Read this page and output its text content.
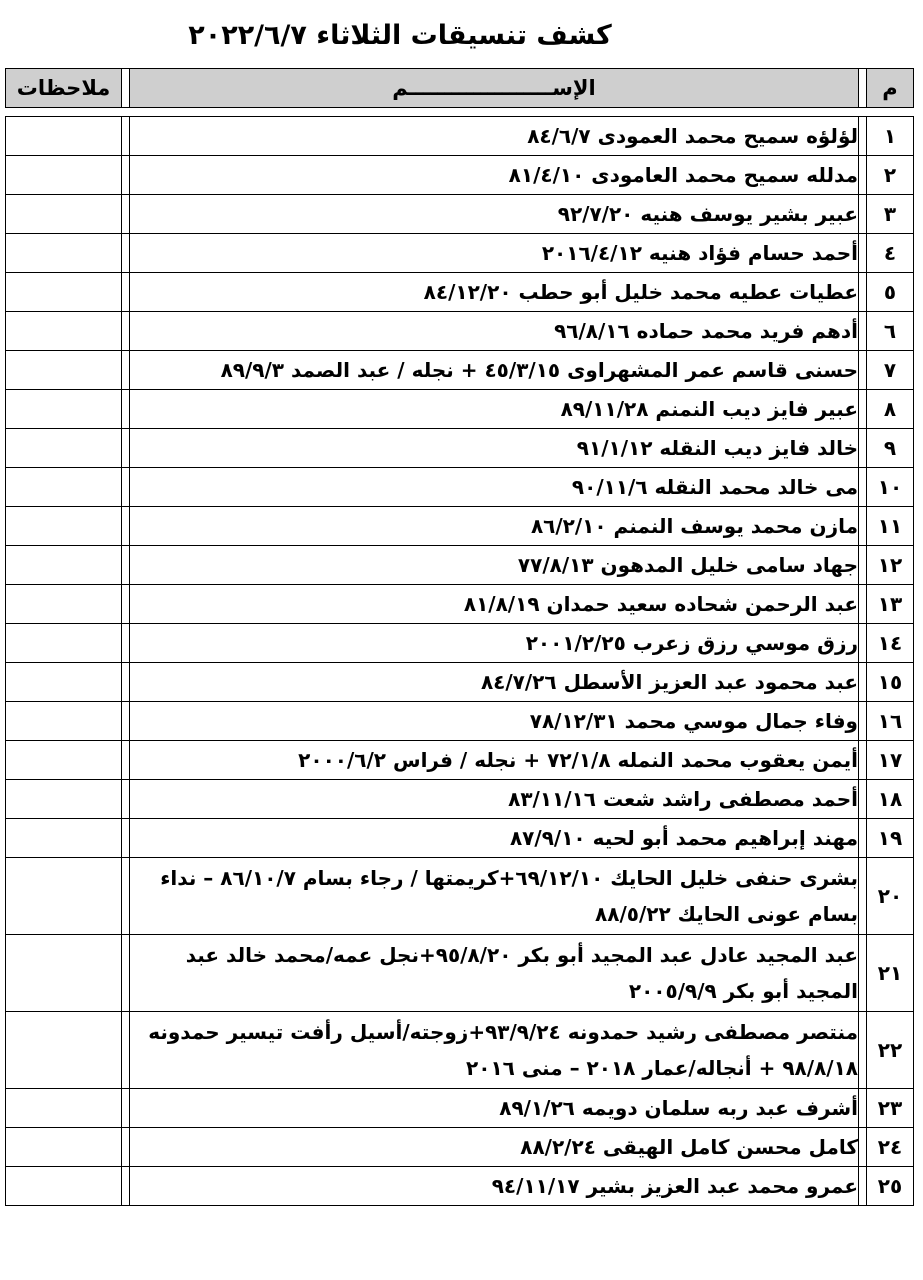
كشف تنسيقات الثلاثاء ٢٠٢٢/٦/٧
م		الإســــــــــــــــــــم		ملاحظات

١		لؤلؤه سميح محمد العمودى ٨٤/٦/٧		
٢		مدلله سميح محمد العامودى ٨١/٤/١٠		
٣		عبير بشير يوسف هنيه ٩٢/٧/٢٠		
٤		أحمد حسام فؤاد هنيه ٢٠١٦/٤/١٢		
٥		عطيات عطيه محمد خليل أبو حطب ٨٤/١٢/٢٠		
٦		أدهم فريد محمد حماده ٩٦/٨/١٦		
٧		حسنى قاسم عمر المشهراوى ٤٥/٣/١٥ + نجله / عبد الصمد ٨٩/٩/٣		
٨		عبير فايز ديب النمنم ٨٩/١١/٢٨		
٩		خالد فايز ديب النقله ٩١/١/١٢		
١٠		مى خالد محمد النقله ٩٠/١١/٦		
١١		مازن محمد يوسف النمنم ٨٦/٢/١٠		
١٢		جهاد سامى خليل المدهون ٧٧/٨/١٣		
١٣		عبد الرحمن شحاده سعيد حمدان ٨١/٨/١٩		
١٤		رزق موسي رزق زعرب ٢٠٠١/٢/٢٥		
١٥		عبد محمود عبد العزيز الأسطل ٨٤/٧/٢٦		
١٦		وفاء جمال موسي محمد ٧٨/١٢/٣١		
١٧		أيمن يعقوب محمد النمله ٧٢/١/٨ + نجله / فراس ٢٠٠٠/٦/٢		
١٨		أحمد مصطفى راشد شعت ٨٣/١١/١٦		
١٩		مهند إبراهيم محمد أبو لحيه ٨٧/٩/١٠		
٢٠		بشرى حنفى خليل الحايك ٦٩/١٢/١٠+كريمتها / رجاء بسام ٨٦/١٠/٧ – نداء بسام عونى الحايك ٨٨/٥/٢٢		
٢١		عبد المجيد عادل عبد المجيد أبو بكر ٩٥/٨/٢٠+نجل عمه/محمد خالد عبد المجيد أبو بكر ٢٠٠٥/٩/٩		
٢٢		منتصر مصطفى رشيد حمدونه ٩٣/٩/٢٤+زوجته/أسيل رأفت تيسير حمدونه ٩٨/٨/١٨ + أنجاله/عمار ٢٠١٨ – منى ٢٠١٦		
٢٣		أشرف عبد ربه سلمان دويمه ٨٩/١/٢٦		
٢٤		كامل محسن كامل الهيقى ٨٨/٢/٢٤		
٢٥		عمرو محمد عبد العزيز بشير ٩٤/١١/١٧		
